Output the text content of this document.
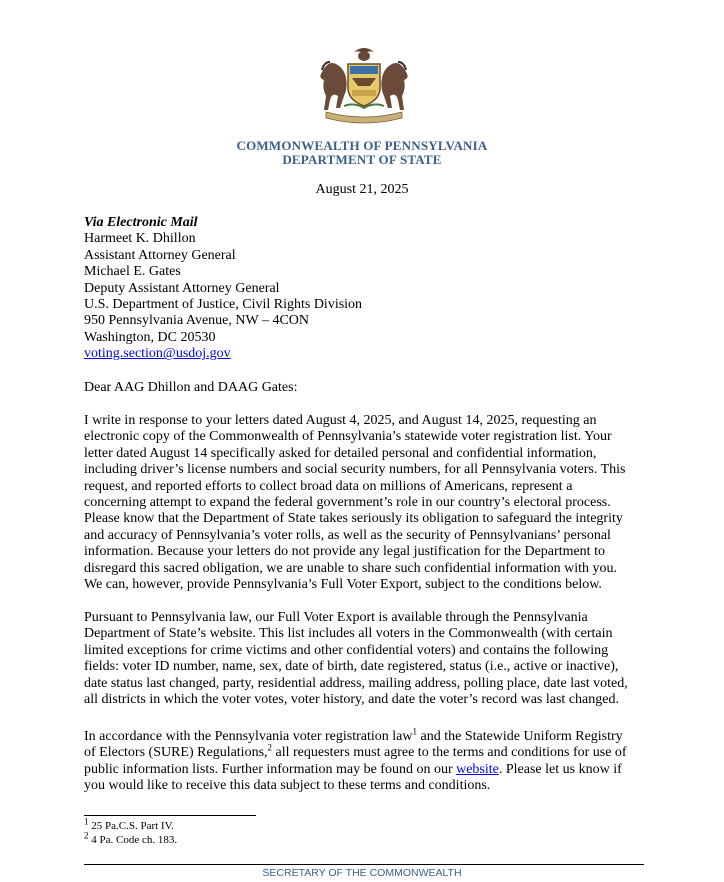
COMMONWEALTH OF PENNSYLVANIA
DEPARTMENT OF STATE
August 21, 2025
Via Electronic Mail
Harmeet K. Dhillon
Assistant Attorney General
Michael E. Gates
Deputy Assistant Attorney General
U.S. Department of Justice, Civil Rights Division
950 Pennsylvania Avenue, NW – 4CON
Washington, DC 20530
voting.section@usdoj.gov
Dear AAG Dhillon and DAAG Gates:
I write in response to your letters dated August 4, 2025, and August 14, 2025, requesting an
electronic copy of the Commonwealth of Pennsylvania’s statewide voter registration list. Your
letter dated August 14 specifically asked for detailed personal and confidential information,
including driver’s license numbers and social security numbers, for all Pennsylvania voters. This
request, and reported efforts to collect broad data on millions of Americans, represent a
concerning attempt to expand the federal government’s role in our country’s electoral process.
Please know that the Department of State takes seriously its obligation to safeguard the integrity
and accuracy of Pennsylvania’s voter rolls, as well as the security of Pennsylvanians’ personal
information. Because your letters do not provide any legal justification for the Department to
disregard this sacred obligation, we are unable to share such confidential information with you.
We can, however, provide Pennsylvania’s Full Voter Export, subject to the conditions below.
Pursuant to Pennsylvania law, our Full Voter Export is available through the Pennsylvania
Department of State’s website. This list includes all voters in the Commonwealth (with certain
limited exceptions for crime victims and other confidential voters) and contains the following
fields: voter ID number, name, sex, date of birth, date registered, status (i.e., active or inactive),
date status last changed, party, residential address, mailing address, polling place, date last voted,
all districts in which the voter votes, voter history, and date the voter’s record was last changed.
In accordance with the Pennsylvania voter registration law$^1$ and the Statewide Uniform Registry
of Electors (SURE) Regulations,$^2$ all requesters must agree to the terms and conditions for use of
public information lists. Further information may be found on our website. Please let us know if
you would like to receive this data subject to these terms and conditions.
$^1$ 25 Pa.C.S. Part IV.
$^2$ 4 Pa. Code ch. 183.
SECRETARY OF THE COMMONWEALTH
